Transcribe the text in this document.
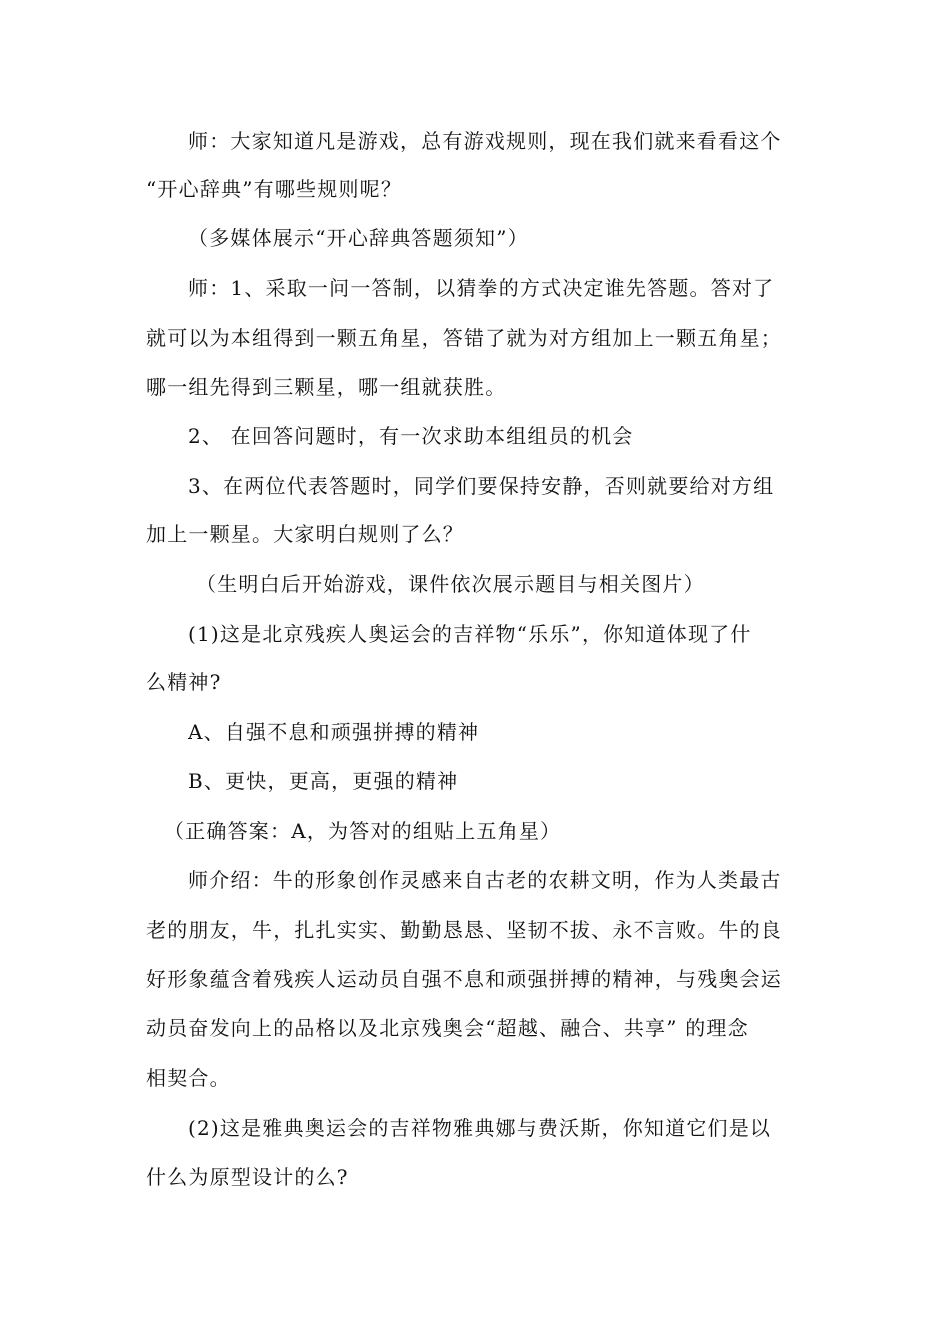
师：大家知道凡是游戏，总有游戏规则，现在我们就来看看这个
“开心辞典”有哪些规则呢？
（多媒体展示“开心辞典答题须知”）
师：1、采取一问一答制，以猜拳的方式决定谁先答题。答对了
就可以为本组得到一颗五角星，答错了就为对方组加上一颗五角星；
哪一组先得到三颗星，哪一组就获胜。
2、 在回答问题时，有一次求助本组组员的机会
3、在两位代表答题时，同学们要保持安静，否则就要给对方组
加上一颗星。大家明白规则了么？
（生明白后开始游戏，课件依次展示题目与相关图片）
(1)这是北京残疾人奥运会的吉祥物“乐乐”，你知道体现了什
么精神?
A、自强不息和顽强拼搏的精神
B、更快，更高，更强的精神
（正确答案：A，为答对的组贴上五角星）
师介绍：牛的形象创作灵感来自古老的农耕文明，作为人类最古
老的朋友，牛，扎扎实实、勤勤恳恳、坚韧不拔、永不言败。牛的良
好形象蕴含着残疾人运动员自强不息和顽强拼搏的精神，与残奥会运
动员奋发向上的品格以及北京残奥会“超越、融合、共享” 的理念
相契合。
(2)这是雅典奥运会的吉祥物雅典娜与费沃斯，你知道它们是以
什么为原型设计的么?
